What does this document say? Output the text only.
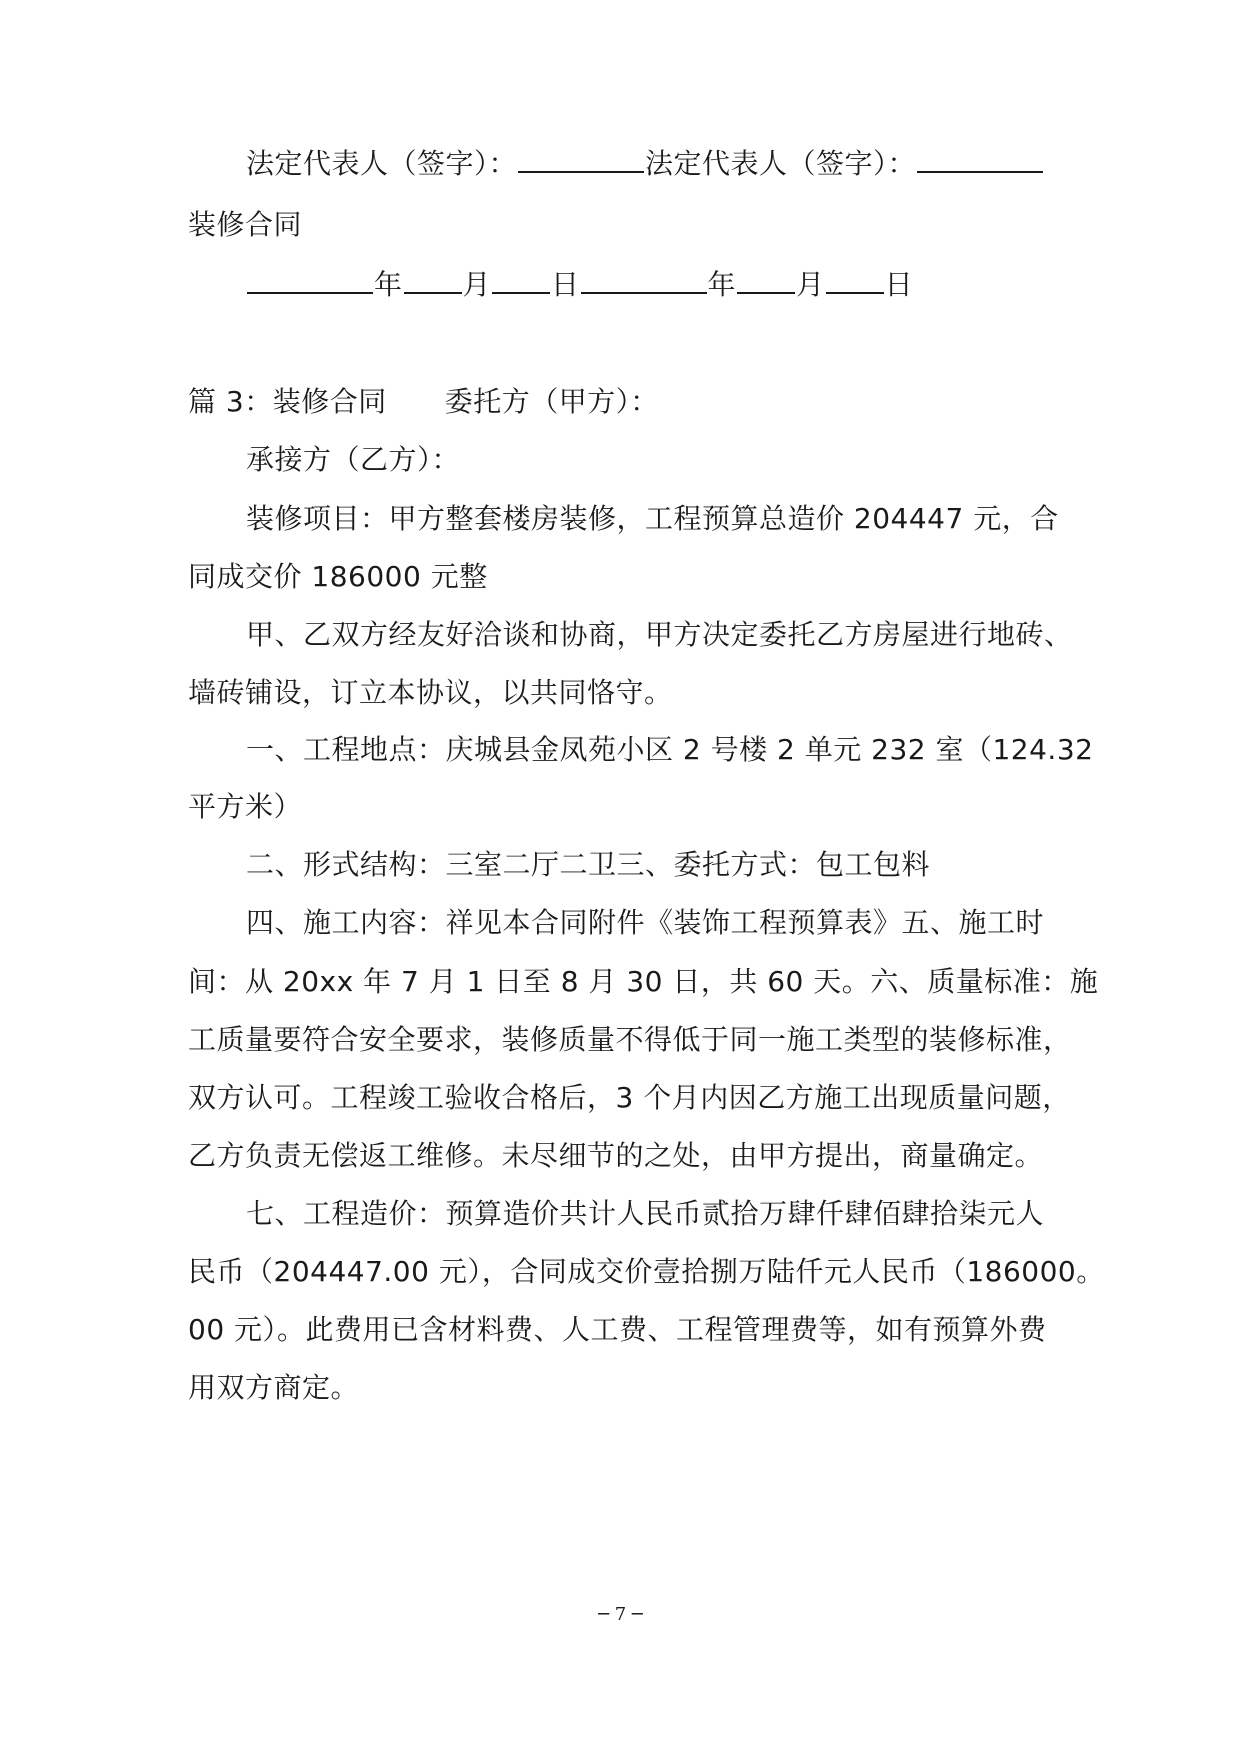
法定代表人（签字）：	法定代表人（签字）：
装修合同
年 月 日	年 月 日
篇 3：装修合同 委托方（甲方）：
承接方（乙方）：
装修项目：甲方整套楼房装修，工程预算总造价 204447 元，合
同成交价 186000 元整
甲、乙双方经友好洽谈和协商，甲方决定委托乙方房屋进行地砖、
墙砖铺设，订立本协议，以共同恪守。
一、工程地点：庆城县金凤苑小区 2 号楼 2 单元 232 室（124.32
平方米）
二、形式结构：三室二厅二卫三、委托方式：包工包料
四、施工内容：祥见本合同附件《装饰工程预算表》五、施工时
间：从 20xx 年 7 月 1 日至 8 月 30 日，共 60 天。六、质量标准：施
工质量要符合安全要求，装修质量不得低于同一施工类型的装修标准，
双方认可。工程竣工验收合格后，3 个月内因乙方施工出现质量问题，
乙方负责无偿返工维修。未尽细节的之处，由甲方提出，商量确定。
七、工程造价：预算造价共计人民币贰拾万肆仟肆佰肆拾柒元人
民币（204447.00 元），合同成交价壹拾捌万陆仟元人民币（186000。
00 元）。此费用已含材料费、人工费、工程管理费等，如有预算外费
用双方商定。
─ 7 ─
